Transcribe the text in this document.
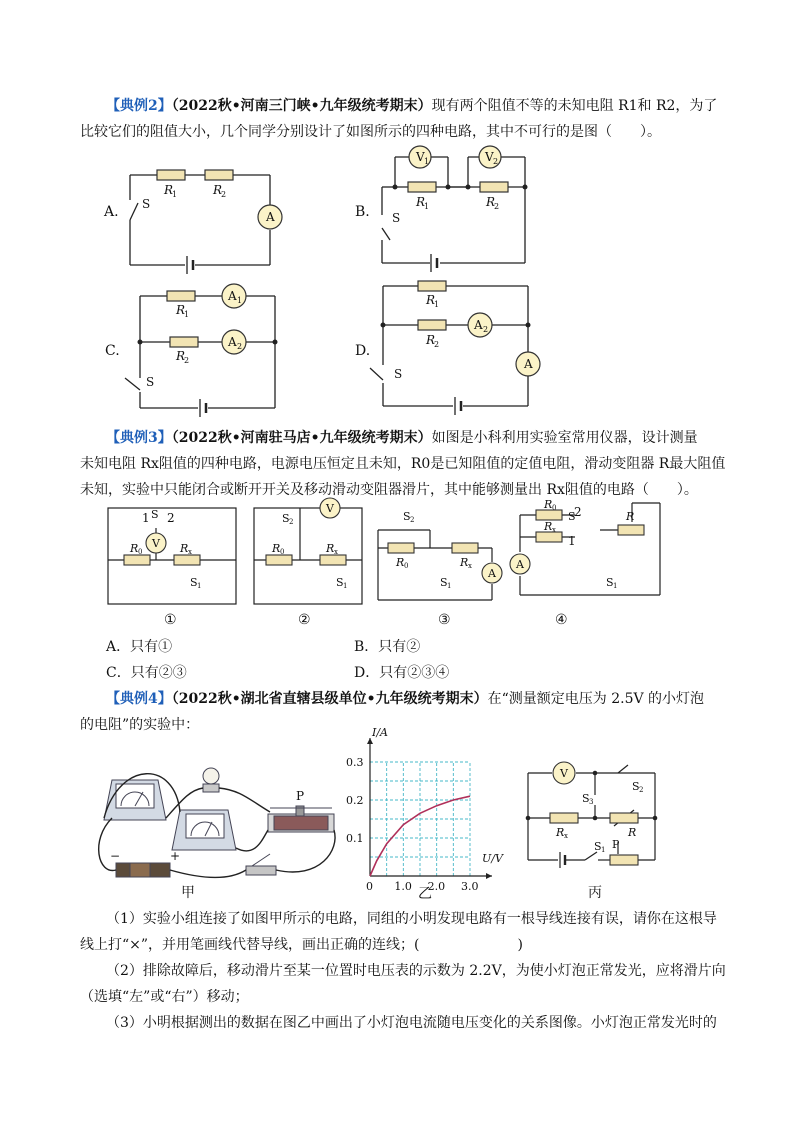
【典例2】（2022秋•河南三门峡•九年级统考期末）现有两个阻值不等的未知电阻 R1和 R2，为了
比较它们的阻值大小，几个同学分别设计了如图所示的四种电路，其中不可行的是图（　　）。
A
V 1	V 2
A 1
A 2
A 2
A
R
1	R
2
R
1	R
2
R
1
R
2
R
1
R
2
S
S
S
S
A.	B.
C.	D.
【典例3】（2022秋•河南驻马店•九年级统考期末）如图是小科利用实验室常用仪器，设计测量
未知电阻 Rx阻值的四种电路，电源电压恒定且未知，R0是已知阻值的定值电阻，滑动变阻器 R最大阻值
未知，实验中只能闭合或断开开关及移动滑动变阻器滑片，其中能够测量出 Rx阻值的电路（　　）。
V
V
A
A
1 2
S	S 2
S 1	S 1
S 2
S 1
S
2
1
S 1
R
R 0	R x	R 0	R x
R 0	R x
R 0
R x
①	②	③	④
A．只有①	B．只有②
C．只有②③	D．只有②③④
【典例4】（2022秋•湖北省直辖县级单位•九年级统考期末）在“测量额定电压为 2.5V 的小灯泡
的电阻”的实验中：
P
−	+
甲	0 1.0 2.0 3.0
0.1
0.2
0.3
U/V
I/A
乙
V
S 2
S 3
R x	R
P
S 1
丙
（1）实验小组连接了如图甲所示的电路，同组的小明发现电路有一根导线连接有误，请你在这根导
线上打“×”，并用笔画线代替导线，画出正确的连线；(　　　　　　　)
（2）排除故障后，移动滑片至某一位置时电压表的示数为 2.2V，为使小灯泡正常发光，应将滑片向
（选填“左”或“右”）移动；
（3）小明根据测出的数据在图乙中画出了小灯泡电流随电压变化的关系图像。小灯泡正常发光时的
